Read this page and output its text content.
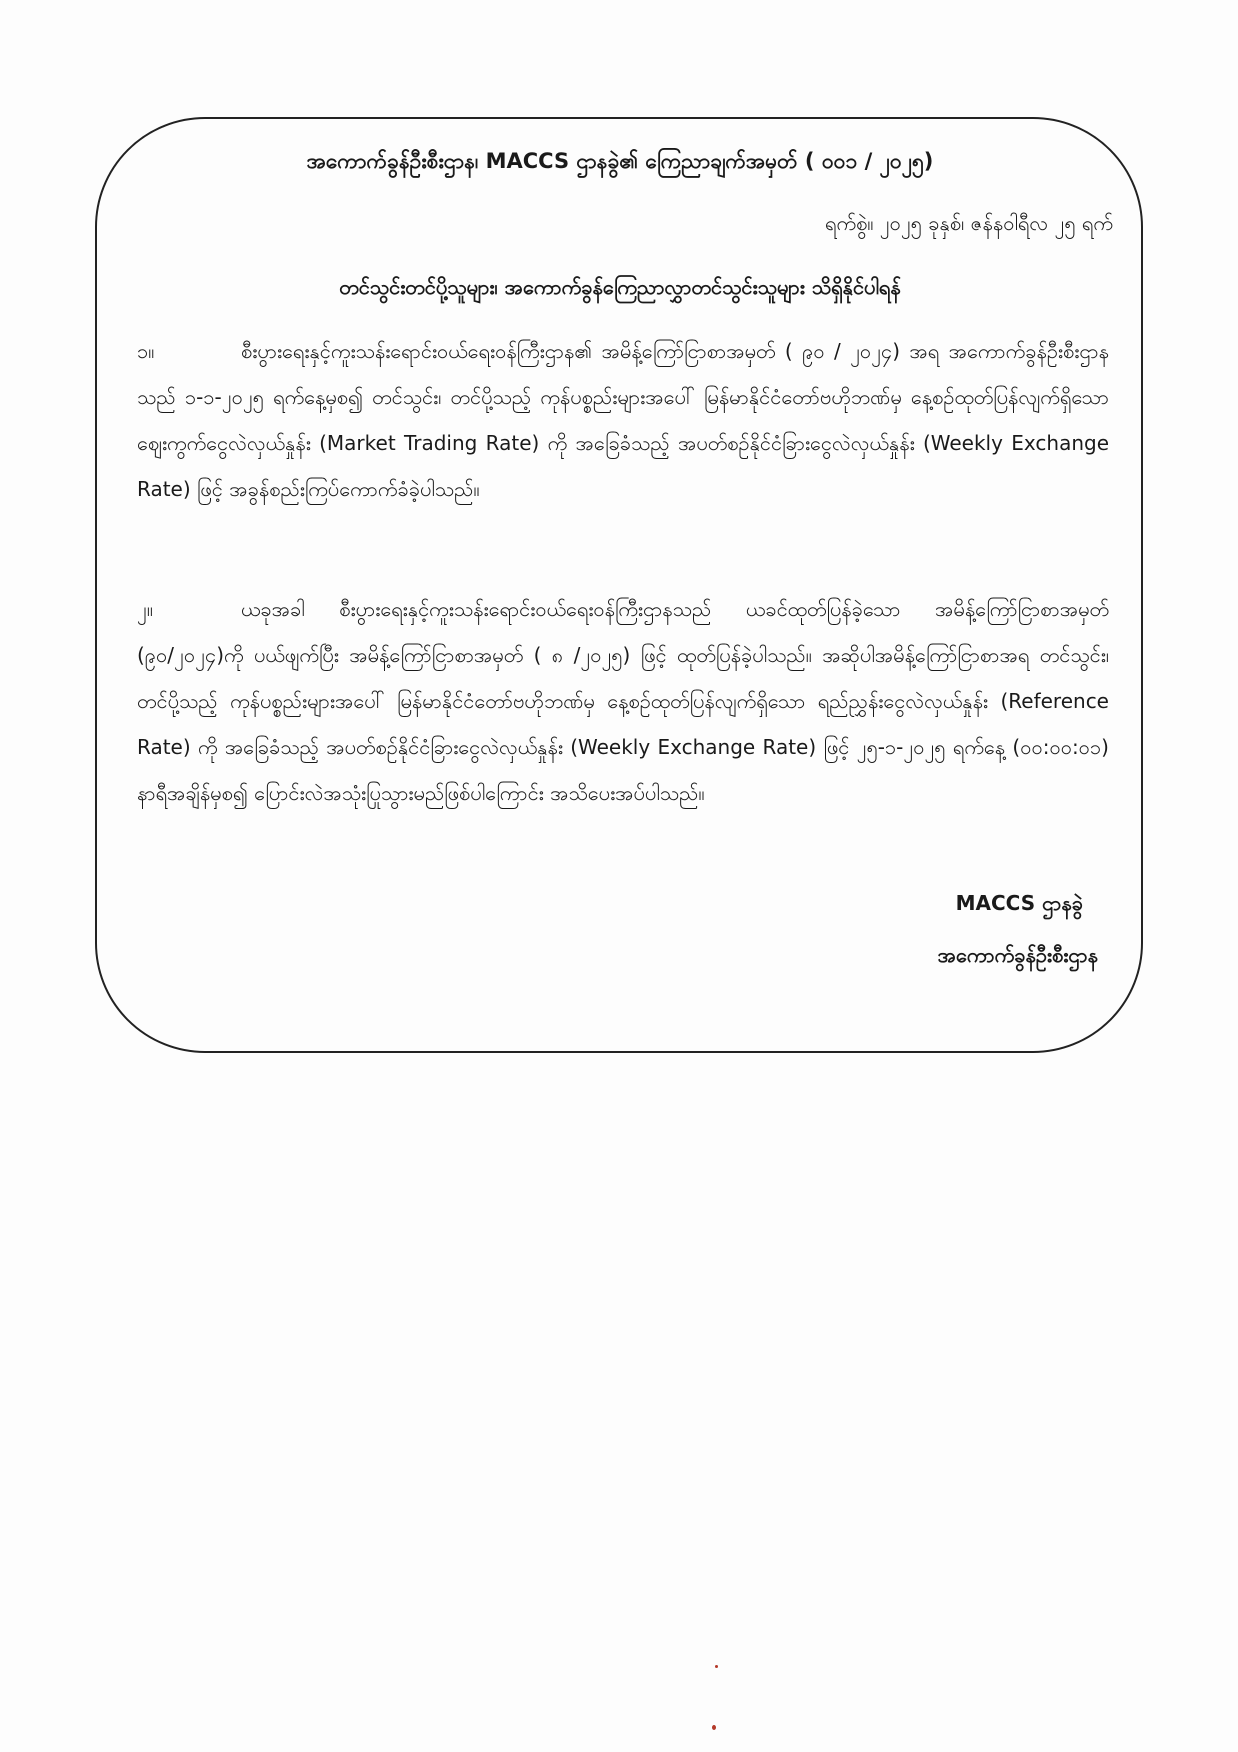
အကောက်ခွန်ဦးစီးဌာန၊ MACCS ဌာနခွဲ၏ ကြေညာချက်အမှတ် ( ၀၀၁ / ၂၀၂၅)
ရက်စွဲ။ ၂၀၂၅ ခုနှစ်၊ ဇန်နဝါရီလ ၂၅ ရက်
တင်သွင်းတင်ပို့သူများ၊ အကောက်ခွန်ကြေညာလွှာတင်သွင်းသူများ သိရှိနိုင်ပါရန်
၁။	စီးပွားရေးနှင့်ကူးသန်းရောင်းဝယ်ရေးဝန်ကြီးဌာန၏ အမိန့်ကြော်ငြာစာအမှတ် ( ၉၀ / ၂၀၂၄) အရ အကောက်ခွန်ဦးစီးဌာနသည် ၁-၁-၂၀၂၅ ရက်နေ့မှစ၍ တင်သွင်း၊ တင်ပို့သည့် ကုန်ပစ္စည်းများအပေါ် မြန်မာနိုင်ငံတော်ဗဟိုဘဏ်မှ နေ့စဉ်ထုတ်ပြန်လျက်ရှိသော ဈေးကွက်ငွေလဲလှယ်နှုန်း (Market Trading Rate) ကို အခြေခံသည့် အပတ်စဉ်နိုင်ငံခြားငွေလဲလှယ်နှုန်း (Weekly Exchange Rate) ဖြင့် အခွန်စည်းကြပ်ကောက်ခံခဲ့ပါသည်။
၂။	ယခုအခါ စီးပွားရေးနှင့်ကူးသန်းရောင်းဝယ်ရေးဝန်ကြီးဌာနသည် ယခင်ထုတ်ပြန်ခဲ့သော အမိန့်ကြော်ငြာစာအမှတ် (၉၀/၂၀၂၄)ကို ပယ်ဖျက်ပြီး အမိန့်ကြော်ငြာစာအမှတ် ( ၈ /၂၀၂၅) ဖြင့် ထုတ်ပြန်ခဲ့ပါသည်။ အဆိုပါအမိန့်ကြော်ငြာစာအရ တင်သွင်း၊ တင်ပို့သည့် ကုန်ပစ္စည်းများအပေါ် မြန်မာနိုင်ငံတော်ဗဟိုဘဏ်မှ နေ့စဉ်ထုတ်ပြန်လျက်ရှိသော ရည်ညွှန်းငွေလဲလှယ်နှုန်း (Reference Rate) ကို အခြေခံသည့် အပတ်စဉ်နိုင်ငံခြားငွေလဲလှယ်နှုန်း (Weekly Exchange Rate) ဖြင့် ၂၅-၁-၂၀၂၅ ရက်နေ့ (၀၀:၀၀:၀၁) နာရီအချိန်မှစ၍ ပြောင်းလဲအသုံးပြုသွားမည်ဖြစ်ပါကြောင်း အသိပေးအပ်ပါသည်။
MACCS ဌာနခွဲ
အကောက်ခွန်ဦးစီးဌာန
